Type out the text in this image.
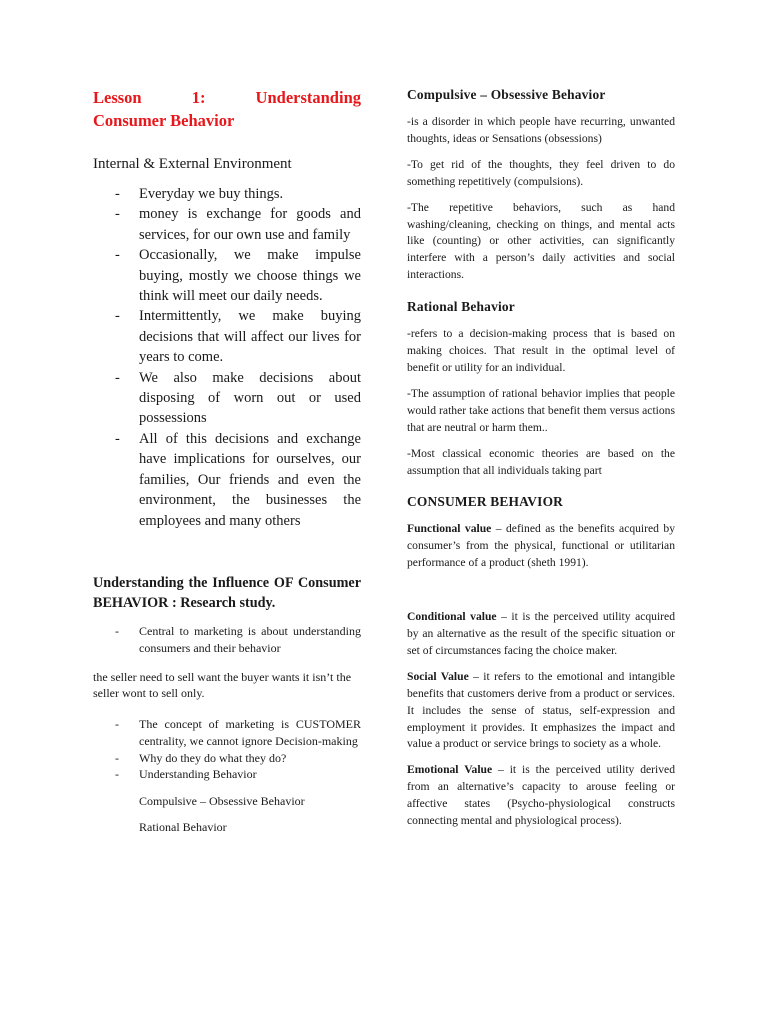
Lesson 1: Understanding
Consumer Behavior

Internal & External Environment

- Everyday we buy things.
- money is exchange for goods and services, for our own use and family
- Occasionally, we make impulse buying, mostly we choose things we think will meet our daily needs.
- Intermittently, we make buying decisions that will affect our lives for years to come.
- We also make decisions about disposing of worn out or used possessions
- All of this decisions and exchange have implications for ourselves, our families, Our friends and even the environment, the businesses the employees and many others
Understanding the Influence OF Consumer BEHAVIOR : Research study.
- Central to marketing is about understanding consumers and their behavior

the seller need to sell want the buyer wants it isn’t the seller wont to sell only.

- The concept of marketing is CUSTOMER centrality, we cannot ignore Decision-making
- Why do they do what they do?
- Understanding Behavior

Compulsive – Obsessive Behavior

Rational Behavior

Compulsive – Obsessive Behavior

-is a disorder in which people have recurring, unwanted thoughts, ideas or Sensations (obsessions)

-To get rid of the thoughts, they feel driven to do something repetitively (compulsions).

-The repetitive behaviors, such as hand washing/cleaning, checking on things, and mental acts like (counting) or other activities, can significantly interfere with a person’s daily activities and social interactions.

Rational Behavior

-refers to a decision-making process that is based on making choices. That result in the optimal level of benefit or utility for an individual.

-The assumption of rational behavior implies that people would rather take actions that benefit them versus actions that are neutral or harm them..

-Most classical economic theories are based on the assumption that all individuals taking part

CONSUMER BEHAVIOR

Functional value – defined as the benefits acquired by consumer’s from the physical, functional or utilitarian performance of a product (sheth 1991).

Conditional value – it is the perceived utility acquired by an alternative as the result of the specific situation or set of circumstances facing the choice maker.

Social Value – it refers to the emotional and intangible benefits that customers derive from a product or services. It includes the sense of status, self-expression and employment it provides. It emphasizes the impact and value a product or service brings to society as a whole.

Emotional Value – it is the perceived utility derived from an alternative’s capacity to arouse feeling or affective states (Psycho-physiological constructs connecting mental and physiological process).
